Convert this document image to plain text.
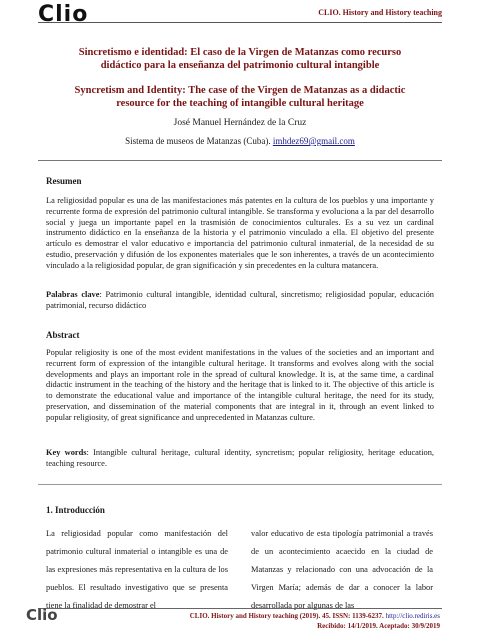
Clio	CLIO. History and History teaching

Sincretismo e identidad: El caso de la Virgen de Matanzas como recurso didáctico para la enseñanza del patrimonio cultural intangible

Syncretism and Identity: The case of the Virgen de Matanzas as a didactic resource for the teaching of intangible cultural heritage

José Manuel Hernández de la Cruz
Sistema de museos de Matanzas (Cuba). imhdez69@gmail.com

Resumen

La religiosidad popular es una de las manifestaciones más patentes en la cultura de los pueblos y una importante y recurrente forma de expresión del patrimonio cultural intangible. Se transforma y evoluciona a la par del desarrollo social y juega un importante papel en la trasmisión de conocimientos culturales. Es a su vez un cardinal instrumento didáctico en la enseñanza de la historia y el patrimonio vinculado a ella. El objetivo del presente artículo es demostrar el valor educativo e importancia del patrimonio cultural inmaterial, de la necesidad de su estudio, preservación y difusión de los exponentes materiales que le son inherentes, a través de un acontecimiento vinculado a la religiosidad popular, de gran significación y sin precedentes en la cultura matancera.

Palabras clave: Patrimonio cultural intangible, identidad cultural, sincretismo; religiosidad popular, educación patrimonial, recurso didáctico

Abstract

Popular religiosity is one of the most evident manifestations in the values of the societies and an important and recurrent form of expression of the intangible cultural heritage. It transforms and evolves along with the social developments and plays an important role in the spread of cultural knowledge. It is, at the same time, a cardinal didactic instrument in the teaching of the history and the heritage that is linked to it. The objective of this article is to demonstrate the educational value and importance of the intangible cultural heritage, the need for its study, preservation, and dissemination of the material components that are integral in it, through an event linked to popular religiosity, of great significance and unprecedented in Matanzas culture.

Key words: Intangible cultural heritage, cultural identity, syncretism; popular religiosity, heritage education, teaching resource.

1. Introducción

La religiosidad popular como manifestación del patrimonio cultural inmaterial o intangible es una de las expresiones más representativa en la cultura de los pueblos. El resultado investigativo que se presenta tiene la finalidad de demostrar el

valor educativo de esta tipología patrimonial a través de un acontecimiento acaecido en la ciudad de Matanzas y relacionado con una advocación de la Virgen María; además de dar a conocer la labor desarrollada por algunas de las

Clio	CLIO. History and History teaching (2019). 45. ISSN: 1139-6237. http://clio.rediris.es
Recibido: 14/1/2019. Aceptado: 30/9/2019
